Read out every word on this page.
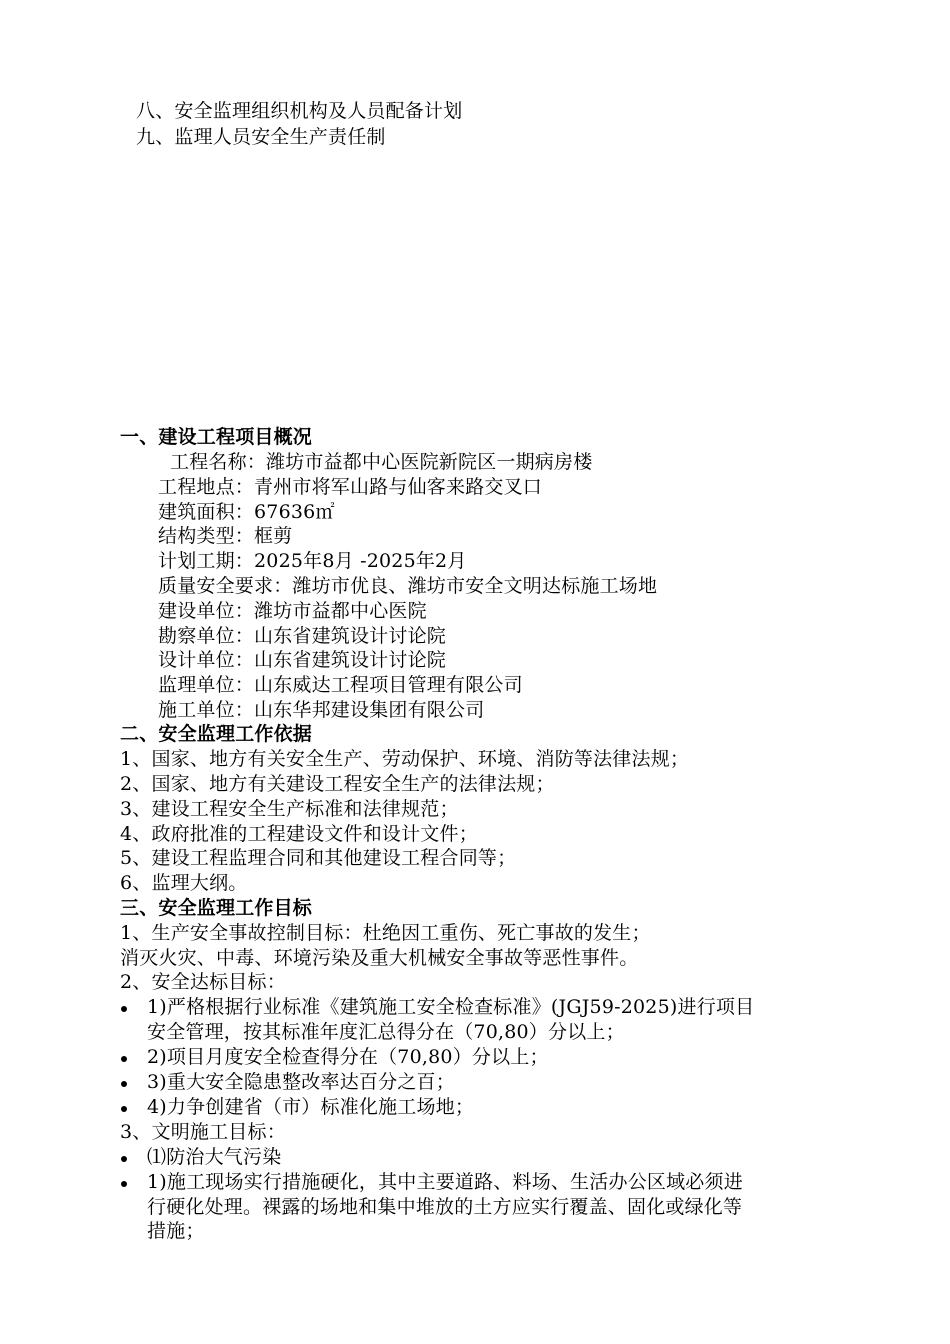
八、安全监理组织机构及人员配备计划
九、监理人员安全生产责任制
一、建设工程项目概况
工程名称：潍坊市益都中心医院新院区一期病房楼
工程地点：青州市将军山路与仙客来路交叉口
建筑面积：67636㎡
结构类型：框剪
计划工期：2025年8月 -2025年2月
质量安全要求：潍坊市优良、潍坊市安全文明达标施工场地
建设单位：潍坊市益都中心医院
勘察单位：山东省建筑设计讨论院
设计单位：山东省建筑设计讨论院
监理单位：山东威达工程项目管理有限公司
施工单位：山东华邦建设集团有限公司
二、安全监理工作依据
1、国家、地方有关安全生产、劳动保护、环境、消防等法律法规；
2、国家、地方有关建设工程安全生产的法律法规；
3、建设工程安全生产标准和法律规范；
4、政府批准的工程建设文件和设计文件；
5、建设工程监理合同和其他建设工程合同等；
6、监理大纲。
三、安全监理工作目标
1、生产安全事故控制目标：杜绝因工重伤、死亡事故的发生；
消灭火灾、中毒、环境污染及重大机械安全事故等恶性事件。
2、安全达标目标：
1)严格根据行业标准《建筑施工安全检查标准》(JGJ59-2025)进行项目
安全管理，按其标准年度汇总得分在（70,80）分以上；
2)项目月度安全检查得分在（70,80）分以上；
3)重大安全隐患整改率达百分之百；
4)力争创建省（市）标准化施工场地；
3、文明施工目标：
⑴防治大气污染
1)施工现场实行措施硬化，其中主要道路、料场、生活办公区域必须进
行硬化处理。裸露的场地和集中堆放的土方应实行覆盖、固化或绿化等
措施；
